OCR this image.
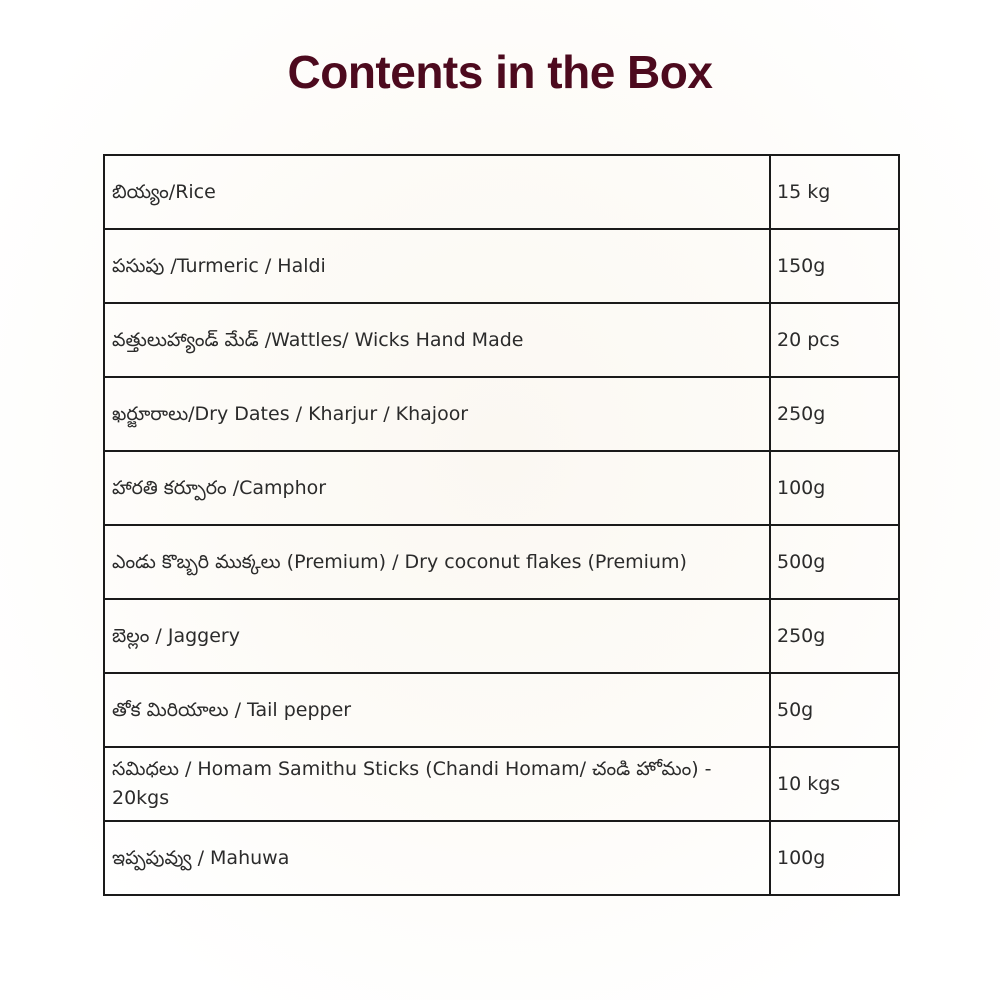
Contents in the Box
బియ్యం/Rice	15 kg
పసుపు /Turmeric / Haldi	150g
వత్తులుహ్యాండ్ మేడ్ /Wattles/ Wicks Hand Made	20 pcs
ఖర్జూరాలు/Dry Dates / Kharjur / Khajoor	250g
హారతి కర్పూరం /Camphor	100g
ఎండు కొబ్బరి ముక్కలు (Premium) / Dry coconut flakes (Premium)	500g
బెల్లం / Jaggery	250g
తోక మిరియాలు / Tail pepper	50g
సమిధలు / Homam Samithu Sticks (Chandi Homam/ చండి హోమం) - 20kgs	10 kgs
ఇప్పపువ్వు / Mahuwa	100g
